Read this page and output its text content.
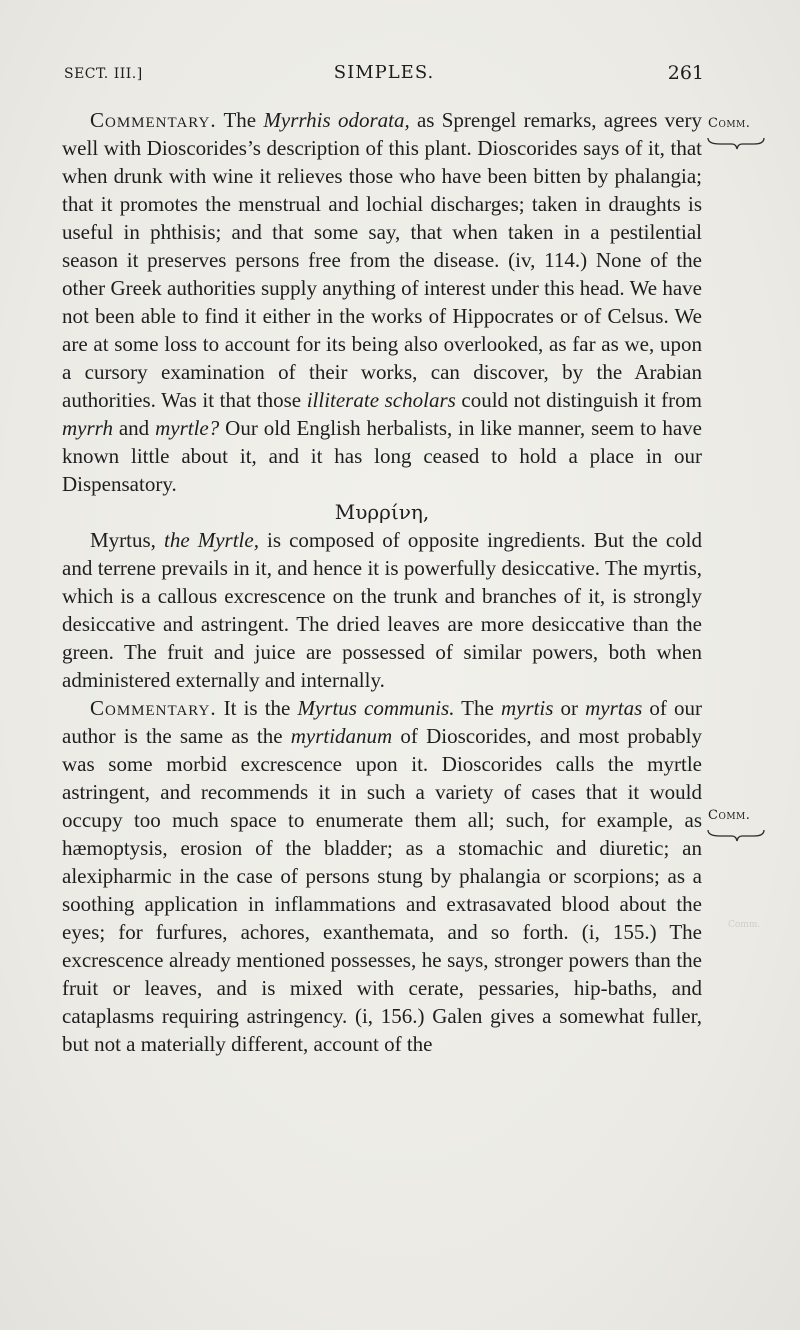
SECT. III.]	SIMPLES.	261
Comm.
Comm.
Comm.

Commentary. The Myrrhis odorata, as Sprengel remarks, agrees very well with Dioscorides’s description of this plant. Dioscorides says of it, that when drunk with wine it relieves those who have been bitten by phalangia; that it promotes the menstrual and lochial discharges; taken in draughts is useful in phthisis; and that some say, that when taken in a pestilential season it preserves persons free from the disease. (iv, 114.) None of the other Greek authorities supply anything of interest under this head. We have not been able to find it either in the works of Hippocrates or of Celsus. We are at some loss to account for its being also overlooked, as far as we, upon a cursory examination of their works, can discover, by the Arabian authorities. Was it that those illiterate scholars could not distinguish it from myrrh and myrtle? Our old English herbalists, in like manner, seem to have known little about it, and it has long ceased to hold a place in our Dispensatory.

Μυρρίνη,

Myrtus, the Myrtle, is composed of opposite ingredients. But the cold and terrene prevails in it, and hence it is powerfully desiccative. The myrtis, which is a callous excrescence on the trunk and branches of it, is strongly desiccative and astringent. The dried leaves are more desiccative than the green. The fruit and juice are possessed of similar powers, both when administered externally and internally.

Commentary. It is the Myrtus communis. The myrtis or myrtas of our author is the same as the myrtidanum of Dioscorides, and most probably was some morbid excrescence upon it. Dioscorides calls the myrtle astringent, and recommends it in such a variety of cases that it would occupy too much space to enumerate them all; such, for example, as hæmoptysis, erosion of the bladder; as a stomachic and diuretic; an alexipharmic in the case of persons stung by phalangia or scorpions; as a soothing application in inflammations and extrasavated blood about the eyes; for furfures, achores, exanthemata, and so forth. (i, 155.) The excrescence already mentioned possesses, he says, stronger powers than the fruit or leaves, and is mixed with cerate, pessaries, hip-baths, and cataplasms requiring astringency. (i, 156.) Galen gives a somewhat fuller, but not a materially different, account of the
